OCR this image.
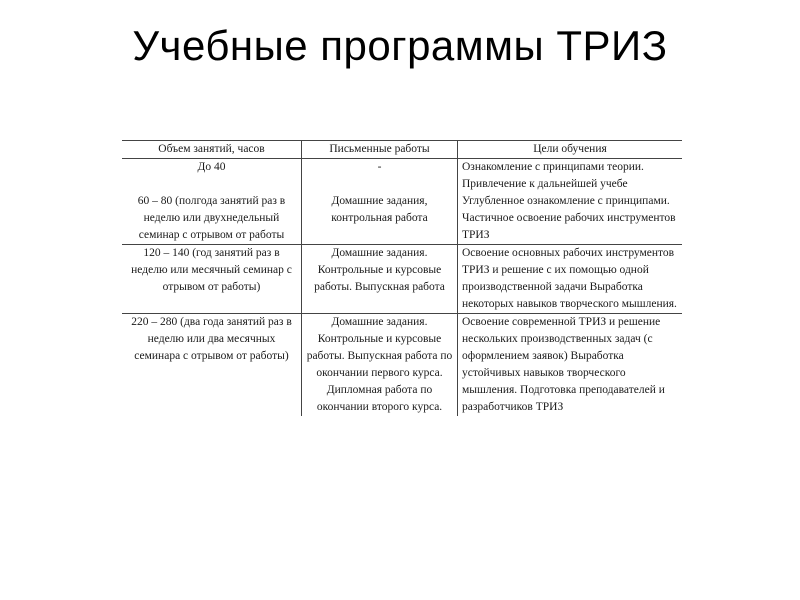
Учебные программы ТРИЗ
Объем занятий, часов	Письменные работы	Цели обучения
До 40	-	Ознакомление с принципами теории. Привлечение к дальнейшей учебе
60 – 80 (полгода занятий раз в неделю или двухнедельный семинар с отрывом от работы	Домашние задания, контрольная работа	Углубленное ознакомление с принципами. Частичное освоение рабочих инструментов ТРИЗ
120 – 140 (год занятий раз в неделю или месячный семинар с отрывом от работы)	Домашние задания. Контрольные и курсовые работы. Выпускная работа	Освоение основных рабочих инструментов ТРИЗ и решение с их помощью одной производственной задачи Выработка некоторых навыков творческого мышления.
220 – 280 (два года занятий раз в неделю или два месячных семинара с отрывом от работы)	Домашние задания. Контрольные и курсовые работы. Выпускная работа по окончании первого курса. Дипломная работа по окончании второго курса.	Освоение современной ТРИЗ и решение нескольких производственных задач (с оформлением заявок) Выработка устойчивых навыков творческого мышления. Подготовка преподавателей и разработчиков ТРИЗ
